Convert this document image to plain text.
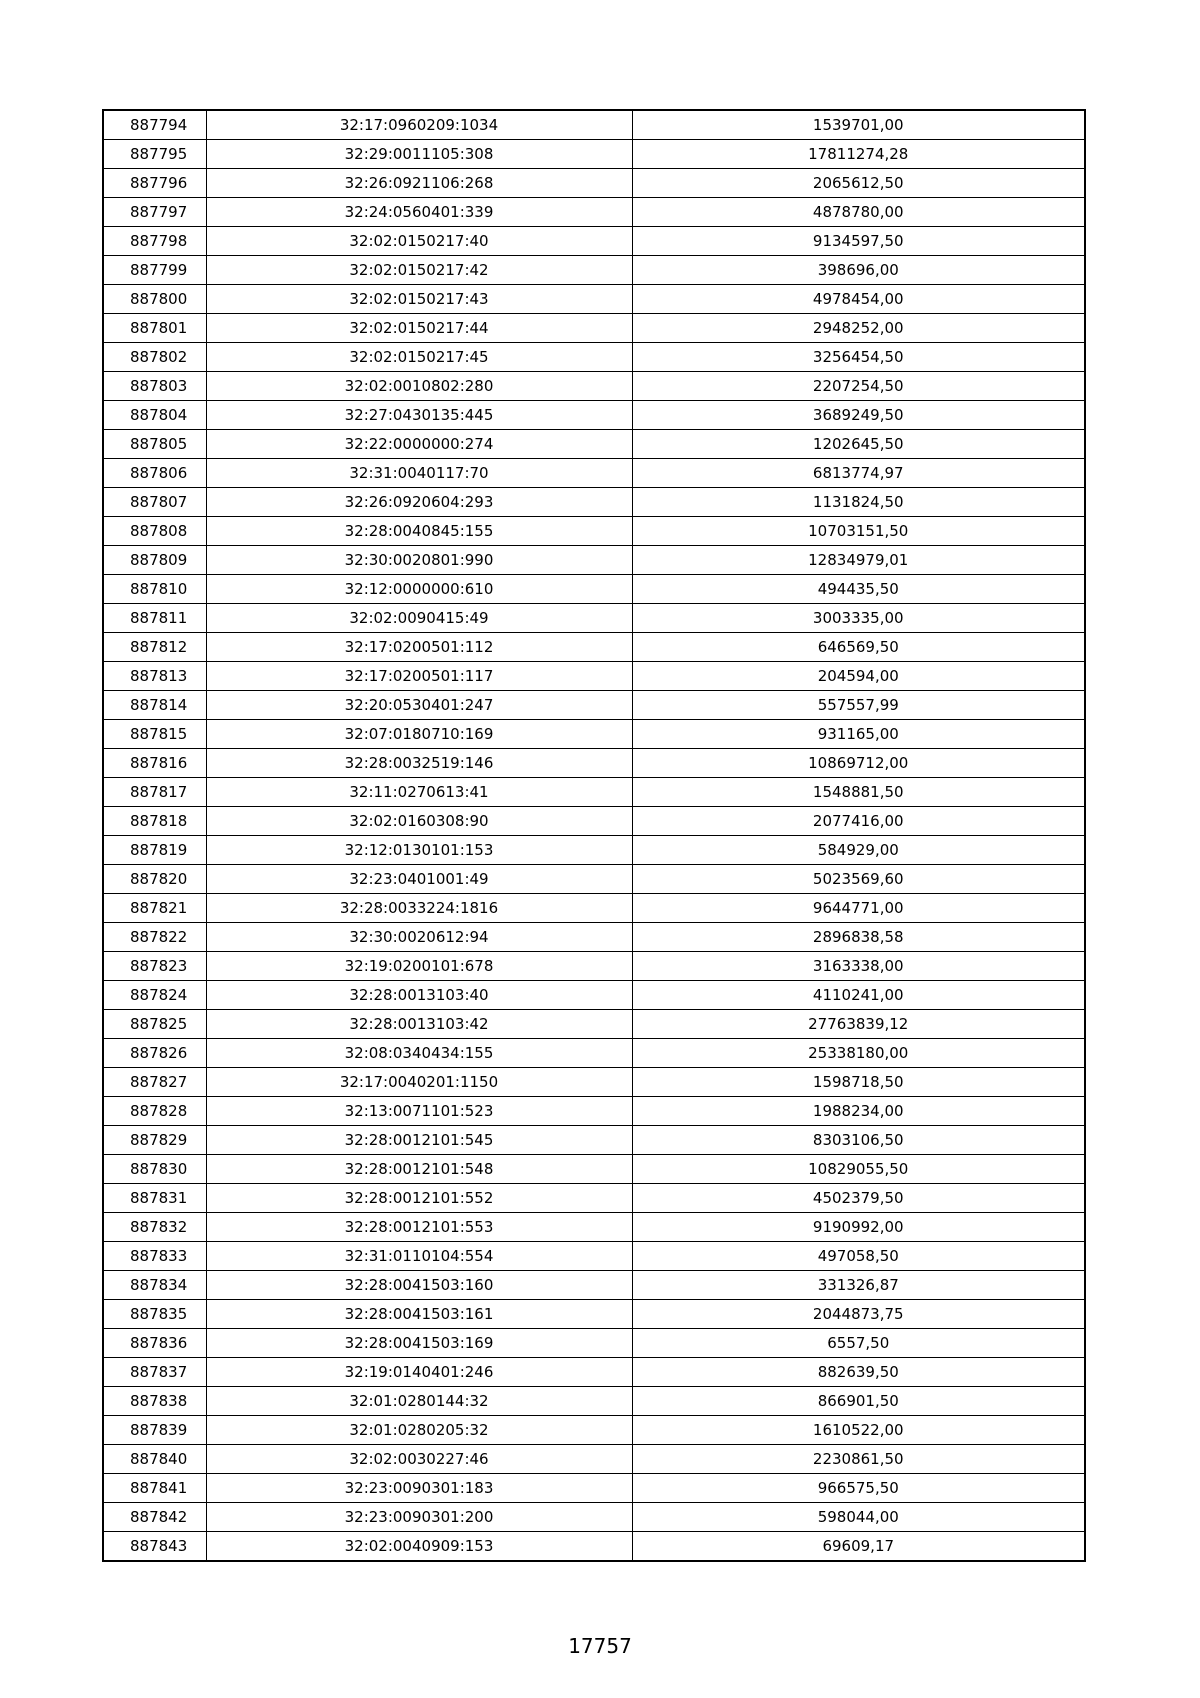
887794	32:17:0960209:1034	1539701,00
887795	32:29:0011105:308	17811274,28
887796	32:26:0921106:268	2065612,50
887797	32:24:0560401:339	4878780,00
887798	32:02:0150217:40	9134597,50
887799	32:02:0150217:42	398696,00
887800	32:02:0150217:43	4978454,00
887801	32:02:0150217:44	2948252,00
887802	32:02:0150217:45	3256454,50
887803	32:02:0010802:280	2207254,50
887804	32:27:0430135:445	3689249,50
887805	32:22:0000000:274	1202645,50
887806	32:31:0040117:70	6813774,97
887807	32:26:0920604:293	1131824,50
887808	32:28:0040845:155	10703151,50
887809	32:30:0020801:990	12834979,01
887810	32:12:0000000:610	494435,50
887811	32:02:0090415:49	3003335,00
887812	32:17:0200501:112	646569,50
887813	32:17:0200501:117	204594,00
887814	32:20:0530401:247	557557,99
887815	32:07:0180710:169	931165,00
887816	32:28:0032519:146	10869712,00
887817	32:11:0270613:41	1548881,50
887818	32:02:0160308:90	2077416,00
887819	32:12:0130101:153	584929,00
887820	32:23:0401001:49	5023569,60
887821	32:28:0033224:1816	9644771,00
887822	32:30:0020612:94	2896838,58
887823	32:19:0200101:678	3163338,00
887824	32:28:0013103:40	4110241,00
887825	32:28:0013103:42	27763839,12
887826	32:08:0340434:155	25338180,00
887827	32:17:0040201:1150	1598718,50
887828	32:13:0071101:523	1988234,00
887829	32:28:0012101:545	8303106,50
887830	32:28:0012101:548	10829055,50
887831	32:28:0012101:552	4502379,50
887832	32:28:0012101:553	9190992,00
887833	32:31:0110104:554	497058,50
887834	32:28:0041503:160	331326,87
887835	32:28:0041503:161	2044873,75
887836	32:28:0041503:169	6557,50
887837	32:19:0140401:246	882639,50
887838	32:01:0280144:32	866901,50
887839	32:01:0280205:32	1610522,00
887840	32:02:0030227:46	2230861,50
887841	32:23:0090301:183	966575,50
887842	32:23:0090301:200	598044,00
887843	32:02:0040909:153	69609,17
17757
